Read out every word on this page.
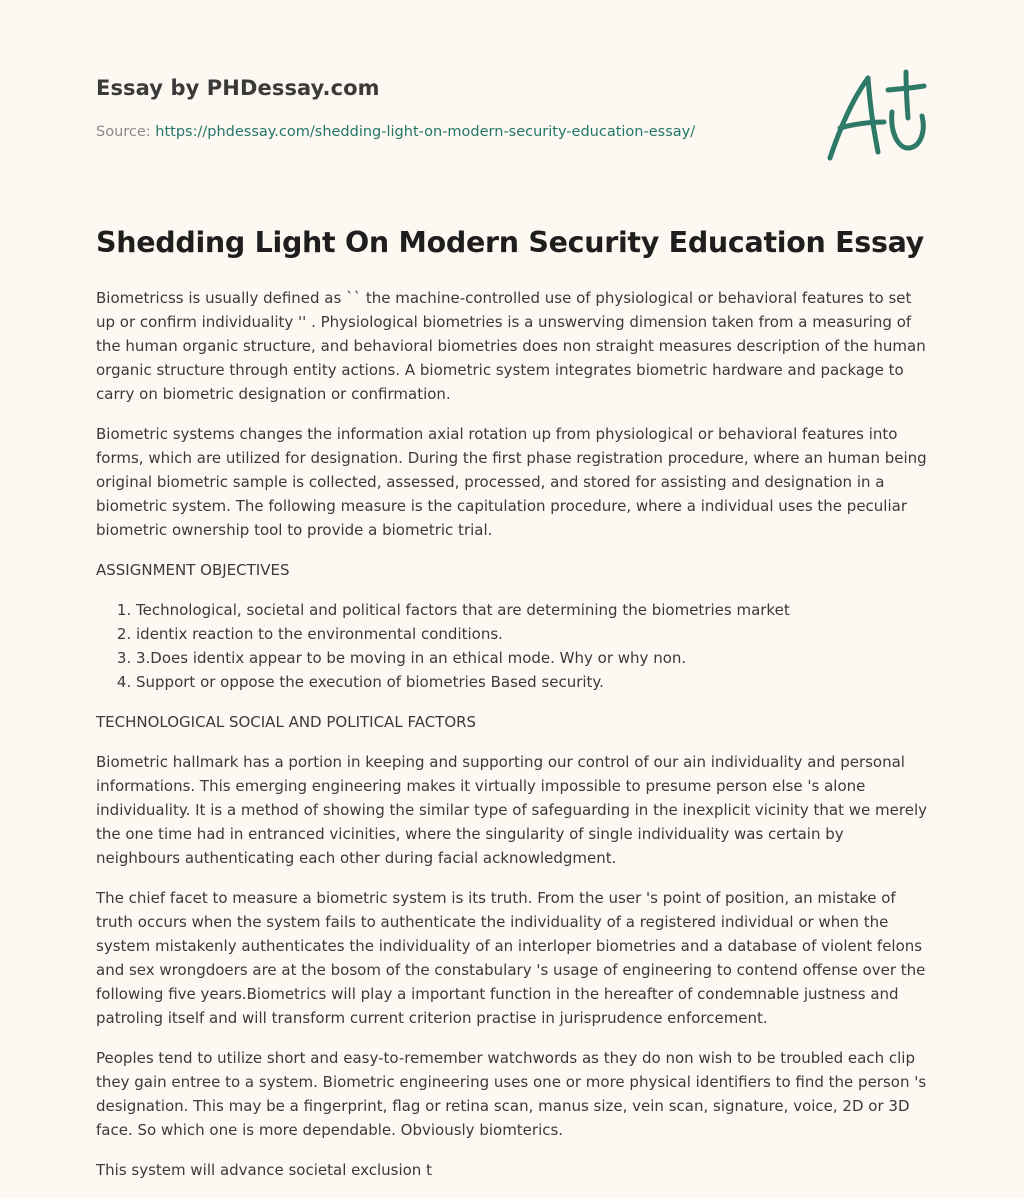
Essay by PHDessay.com

Source: https://phdessay.com/shedding-light-on-modern-security-education-essay/

Shedding Light On Modern Security Education Essay

Biometricss is usually defined as `` the machine-controlled use of physiological or behavioral features to set up or confirm individuality '' . Physiological biometries is a unswerving dimension taken from a measuring of the human organic structure, and behavioral biometries does non straight measures description of the human organic structure through entity actions. A biometric system integrates biometric hardware and package to carry on biometric designation or confirmation.

Biometric systems changes the information axial rotation up from physiological or behavioral features into forms, which are utilized for designation. During the first phase registration procedure, where an human being original biometric sample is collected, assessed, processed, and stored for assisting and designation in a biometric system. The following measure is the capitulation procedure, where a individual uses the peculiar biometric ownership tool to provide a biometric trial.

ASSIGNMENT OBJECTIVES

1. Technological, societal and political factors that are determining the biometries market
2. identix reaction to the environmental conditions.
3. 3.Does identix appear to be moving in an ethical mode. Why or why non.
4. Support or oppose the execution of biometries Based security.

TECHNOLOGICAL SOCIAL AND POLITICAL FACTORS

Biometric hallmark has a portion in keeping and supporting our control of our ain individuality and personal informations. This emerging engineering makes it virtually impossible to presume person else 's alone individuality. It is a method of showing the similar type of safeguarding in the inexplicit vicinity that we merely the one time had in entranced vicinities, where the singularity of single individuality was certain by neighbours authenticating each other during facial acknowledgment.

The chief facet to measure a biometric system is its truth. From the user 's point of position, an mistake of truth occurs when the system fails to authenticate the individuality of a registered individual or when the system mistakenly authenticates the individuality of an interloper biometries and a database of violent felons and sex wrongdoers are at the bosom of the constabulary 's usage of engineering to contend offense over the following five years.Biometrics will play a important function in the hereafter of condemnable justness and patroling itself and will transform current criterion practise in jurisprudence enforcement.

Peoples tend to utilize short and easy-to-remember watchwords as they do non wish to be troubled each clip they gain entree to a system. Biometric engineering uses one or more physical identifiers to find the person 's designation. This may be a fingerprint, flag or retina scan, manus size, vein scan, signature, voice, 2D or 3D face. So which one is more dependable. Obviously biomterics.

This system will advance societal exclusion t
